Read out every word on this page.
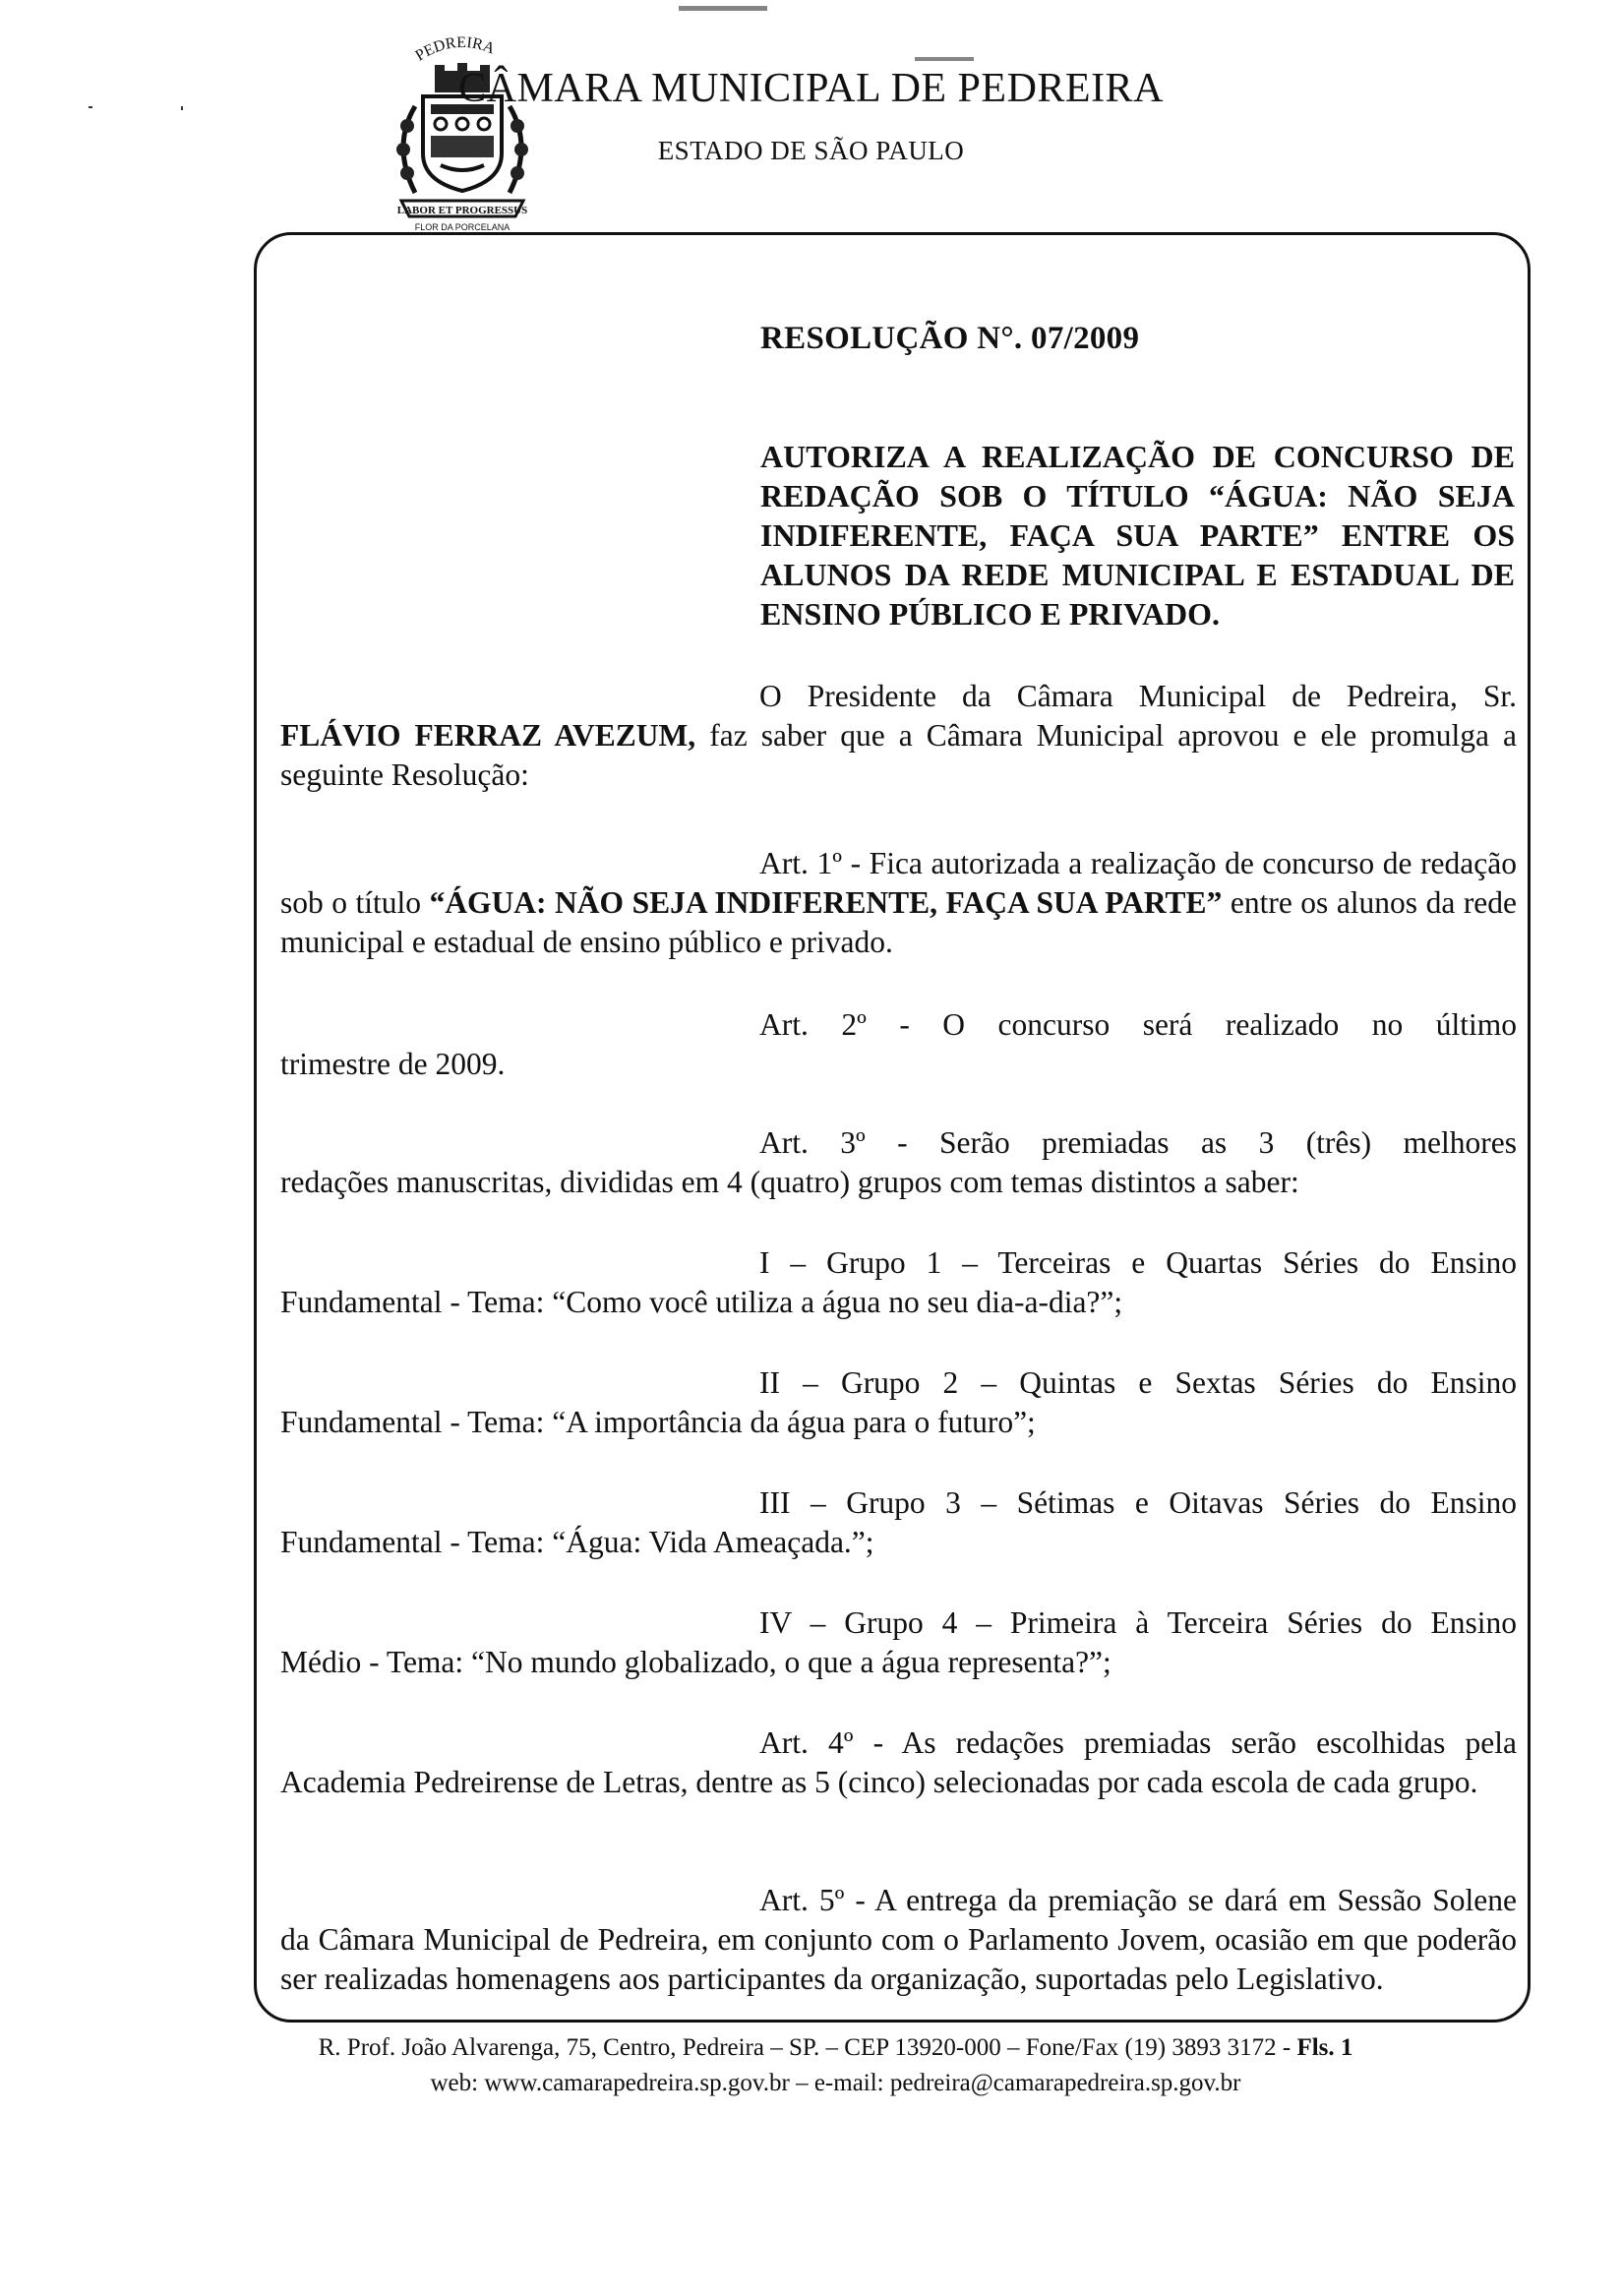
PEDREIRA
LABOR ET PROGRESSUS
FLOR DA PORCELANA
CÂMARA MUNICIPAL DE PEDREIRA
ESTADO DE SÃO PAULO
RESOLUÇÃO N°. 07/2009
AUTORIZA A REALIZAÇÃO DE CONCURSO DE REDAÇÃO SOB O TÍTULO “ÁGUA: NÃO SEJA INDIFERENTE, FAÇA SUA PARTE” ENTRE OS ALUNOS DA REDE MUNICIPAL E ESTADUAL DE ENSINO PÚBLICO E PRIVADO.
O Presidente da Câmara Municipal de Pedreira, Sr.
FLÁVIO FERRAZ AVEZUM, faz saber que a Câmara Municipal aprovou e ele promulga a seguinte Resolução:
Art. 1º - Fica autorizada a realização de concurso de redação sob o título “ÁGUA: NÃO SEJA INDIFERENTE, FAÇA SUA PARTE” entre os alunos da rede municipal e estadual de ensino público e privado.
Art. 2º - O concurso será realizado no último
trimestre de 2009.
Art. 3º - Serão premiadas as 3 (três) melhores
redações manuscritas, divididas em 4 (quatro) grupos com temas distintos a saber:
I – Grupo 1 – Terceiras e Quartas Séries do Ensino
Fundamental - Tema: “Como você utiliza a água no seu dia-a-dia?”;
II – Grupo 2 – Quintas e Sextas Séries do Ensino
Fundamental - Tema: “A importância da água para o futuro”;
III – Grupo 3 – Sétimas e Oitavas Séries do Ensino
Fundamental - Tema: “Água: Vida Ameaçada.”;
IV – Grupo 4 – Primeira à Terceira Séries do Ensino
Médio - Tema: “No mundo globalizado, o que a água representa?”;
Art. 4º - As redações premiadas serão escolhidas pela Academia Pedreirense de Letras, dentre as 5 (cinco) selecionadas por cada escola de cada grupo.
Art. 5º - A entrega da premiação se dará em Sessão Solene da Câmara Municipal de Pedreira, em conjunto com o Parlamento Jovem, ocasião em que poderão ser realizadas homenagens aos participantes da organização, suportadas pelo Legislativo.
R. Prof. João Alvarenga, 75, Centro, Pedreira – SP. – CEP 13920-000 – Fone/Fax (19) 3893 3172 - Fls. 1
web: www.camarapedreira.sp.gov.br – e-mail: pedreira@camarapedreira.sp.gov.br
